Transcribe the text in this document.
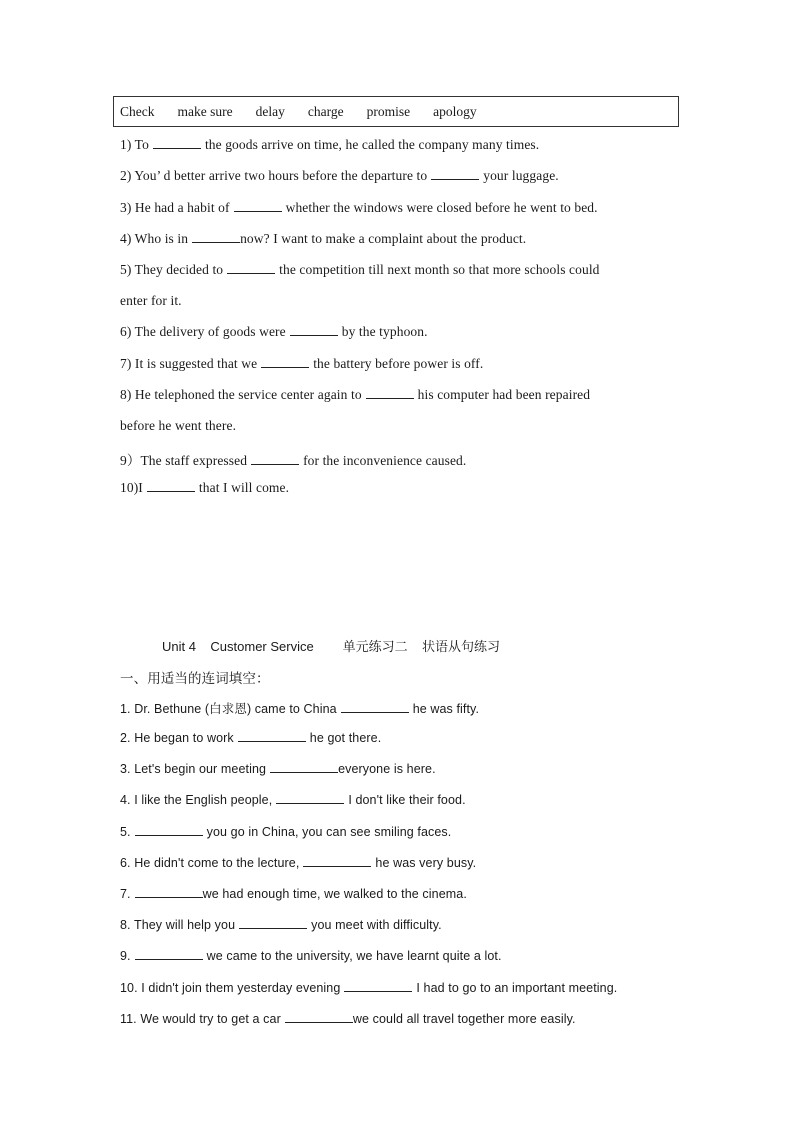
Check make sure delay charge promise apology
1) To	the goods arrive on time, he called the company many times.
2) You’ d better arrive two hours before the departure to	your luggage.
3) He had a habit of	whether the windows were closed before he went to bed.
4) Who is in	now? I want to make a complaint about the product.
5) They decided to	the competition till next month so that more schools could
enter for it.
6) The delivery of goods were	by the typhoon.
7) It is suggested that we	the battery before power is off.
8) He telephoned the service center again to	his computer had been repaired
before he went there.
9）The staff expressed	for the inconvenience caused.
10)I	that I will come.
Unit 4    Customer Service        单元练习二    状语从句练习
一、用适当的连词填空：
1. Dr. Bethune (白求恩) came to China	he was fifty.
2. He began to work	he got there.
3. Let's begin our meeting	everyone is here.
4. I like the English people,	I don't like their food.
5.	you go in China, you can see smiling faces.
6. He didn't come to the lecture,	he was very busy.
7.	we had enough time, we walked to the cinema.
8. They will help you	you meet with difficulty.
9.	we came to the university, we have learnt quite a lot.
10. I didn't join them yesterday evening	I had to go to an important meeting.
11. We would try to get a car	we could all travel together more easily.
